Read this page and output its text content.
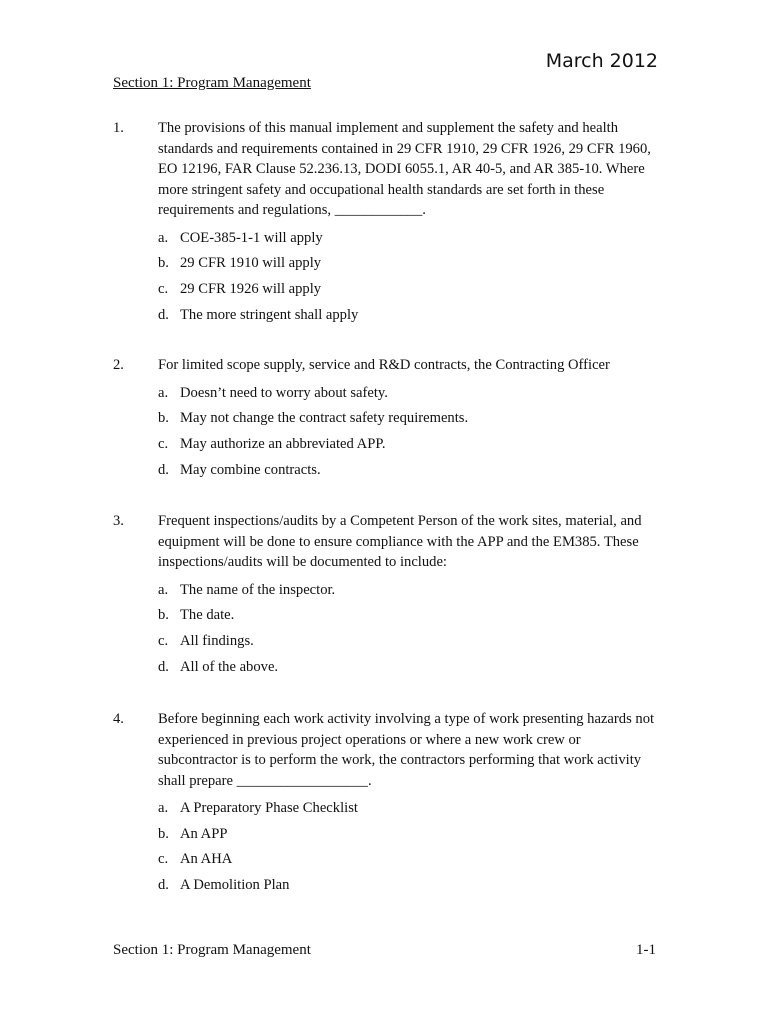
March 2012
Section 1: Program Management
1. The provisions of this manual implement and supplement the safety and health standards and requirements contained in 29 CFR 1910, 29 CFR 1926, 29 CFR 1960, EO 12196, FAR Clause 52.236.13, DODI 6055.1, AR 40-5, and AR 385-10. Where more stringent safety and occupational health standards are set forth in these requirements and regulations, ____________.
a. COE-385-1-1 will apply
b. 29 CFR 1910 will apply
c. 29 CFR 1926 will apply
d. The more stringent shall apply
2. For limited scope supply, service and R&D contracts, the Contracting Officer
a. Doesn’t need to worry about safety.
b. May not change the contract safety requirements.
c. May authorize an abbreviated APP.
d. May combine contracts.
3. Frequent inspections/audits by a Competent Person of the work sites, material, and equipment will be done to ensure compliance with the APP and the EM385. These inspections/audits will be documented to include:
a. The name of the inspector.
b. The date.
c. All findings.
d. All of the above.
4. Before beginning each work activity involving a type of work presenting hazards not experienced in previous project operations or where a new work crew or subcontractor is to perform the work, the contractors performing that work activity shall prepare __________________.
a. A Preparatory Phase Checklist
b. An APP
c. An AHA
d. A Demolition Plan
Section 1: Program Management	1-1
